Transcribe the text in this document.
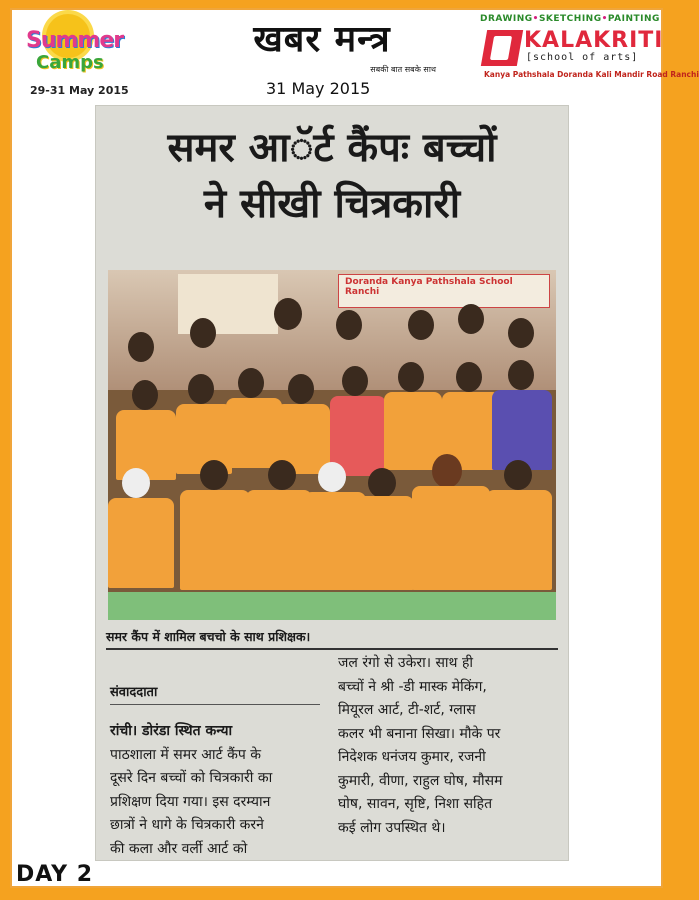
Summer
Camps
29-31 May 2015
खबर मन्त्र
सबकी बात सबके साथ
31 May 2015
DRAWING•SKETCHING•PAINTING
KALAKRITI
[school of arts]
Kanya Pathshala Doranda Kali Mandir Road Ranchi
समर आॅर्ट कैंपः बच्चों
ने सीखी चित्रकारी
Doranda Kanya Pathshala School Ranchi
समर कैंप में शामिल बचचो के साथ प्रशिक्षक।
संवाददाता

रांची। डोरंडा स्थित कन्या

पाठशाला में समर आर्ट कैंप के

दूसरे दिन बच्चों को चित्रकारी का

प्रशिक्षण दिया गया। इस दरम्यान

छात्रों ने धागे के चित्रकारी करने

की कला और वर्ली आर्ट को

जल रंगो से उकेरा। साथ ही

बच्चों ने श्री -डी मास्क मेकिंग,

मियूरल आर्ट, टी-शर्ट, ग्लास

कलर भी बनाना सिखा। मौके पर

निदेशक धनंजय कुमार, रजनी

कुमारी, वीणा, राहुल घोष, मौसम

घोष, सावन, सृष्टि, निशा सहित

कई लोग उपस्थित थे।

DAY 2
